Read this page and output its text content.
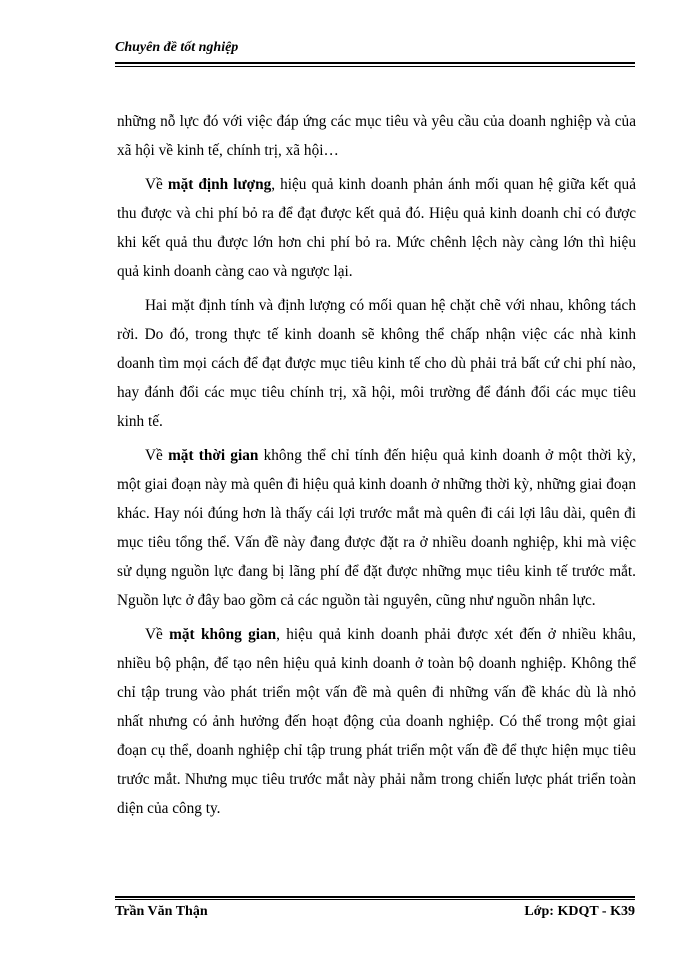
Chuyên đề tốt nghiệp

những nỗ lực đó với việc đáp ứng các mục tiêu và yêu cầu của doanh nghiệp và của xã hội về kinh tế, chính trị, xã hội…

Về mặt định lượng, hiệu quả kinh doanh phản ánh mối quan hệ giữa kết quả thu được và chi phí bỏ ra để đạt được kết quả đó. Hiệu quả kinh doanh chỉ có được khi kết quả thu được lớn hơn chi phí bỏ ra. Mức chênh lệch này càng lớn thì hiệu quả kinh doanh càng cao và ngược lại.

Hai mặt định tính và định lượng có mối quan hệ chặt chẽ với nhau, không tách rời. Do đó, trong thực tế kinh doanh sẽ không thể chấp nhận việc các nhà kinh doanh tìm mọi cách để đạt được mục tiêu kinh tế cho dù phải trả bất cứ chi phí nào, hay đánh đổi các mục tiêu chính trị, xã hội, môi trường để đánh đổi các mục tiêu kinh tế.

Về mặt thời gian không thể chỉ tính đến hiệu quả kinh doanh ở một thời kỳ, một giai đoạn này mà quên đi hiệu quả kinh doanh ở những thời kỳ, những giai đoạn khác. Hay nói đúng hơn là thấy cái lợi trước mắt mà quên đi cái lợi lâu dài, quên đi mục tiêu tổng thể. Vấn đề này đang được đặt ra ở nhiều doanh nghiệp, khi mà việc sử dụng nguồn lực đang bị lãng phí để đặt được những mục tiêu kinh tế trước mắt. Nguồn lực ở đây bao gồm cả các nguồn tài nguyên, cũng như nguồn nhân lực.

Về mặt không gian, hiệu quả kinh doanh phải được xét đến ở nhiều khâu, nhiều bộ phận, để tạo nên hiệu quả kinh doanh ở toàn bộ doanh nghiệp. Không thể chỉ tập trung vào phát triển một vấn đề mà quên đi những vấn đề khác dù là nhỏ nhất nhưng có ảnh hưởng đến hoạt động của doanh nghiệp. Có thể trong một giai đoạn cụ thể, doanh nghiệp chỉ tập trung phát triển một vấn đề để thực hiện mục tiêu trước mắt. Nhưng mục tiêu trước mắt này phải nằm trong chiến lược phát triển toàn diện của công ty.

Trần Văn Thận	Lớp: KDQT - K39
